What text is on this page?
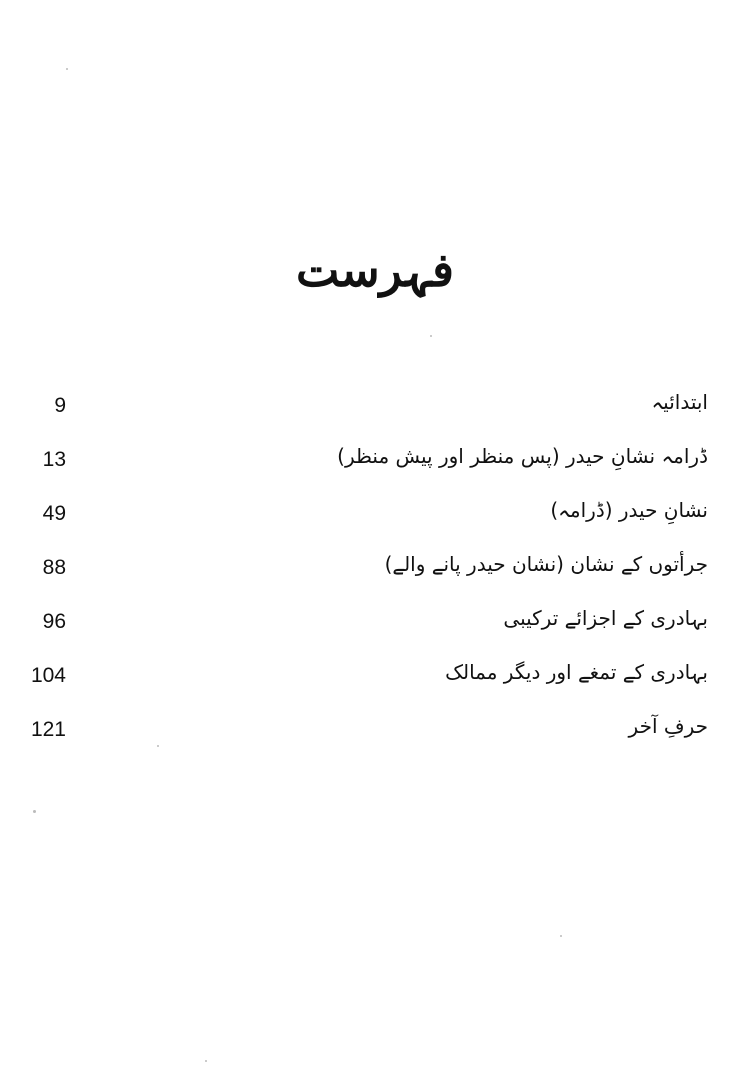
فہرست
9	ابتدائیہ
13	ڈرامہ نشانِ حیدر (پس منظر اور پیش منظر)
49	نشانِ حیدر (ڈرامہ)
88	جرأتوں کے نشان (نشان حیدر پانے والے)
96	بہادری کے اجزائے ترکیبی
104	بہادری کے تمغے اور دیگر ممالک
121	حرفِ آخر
